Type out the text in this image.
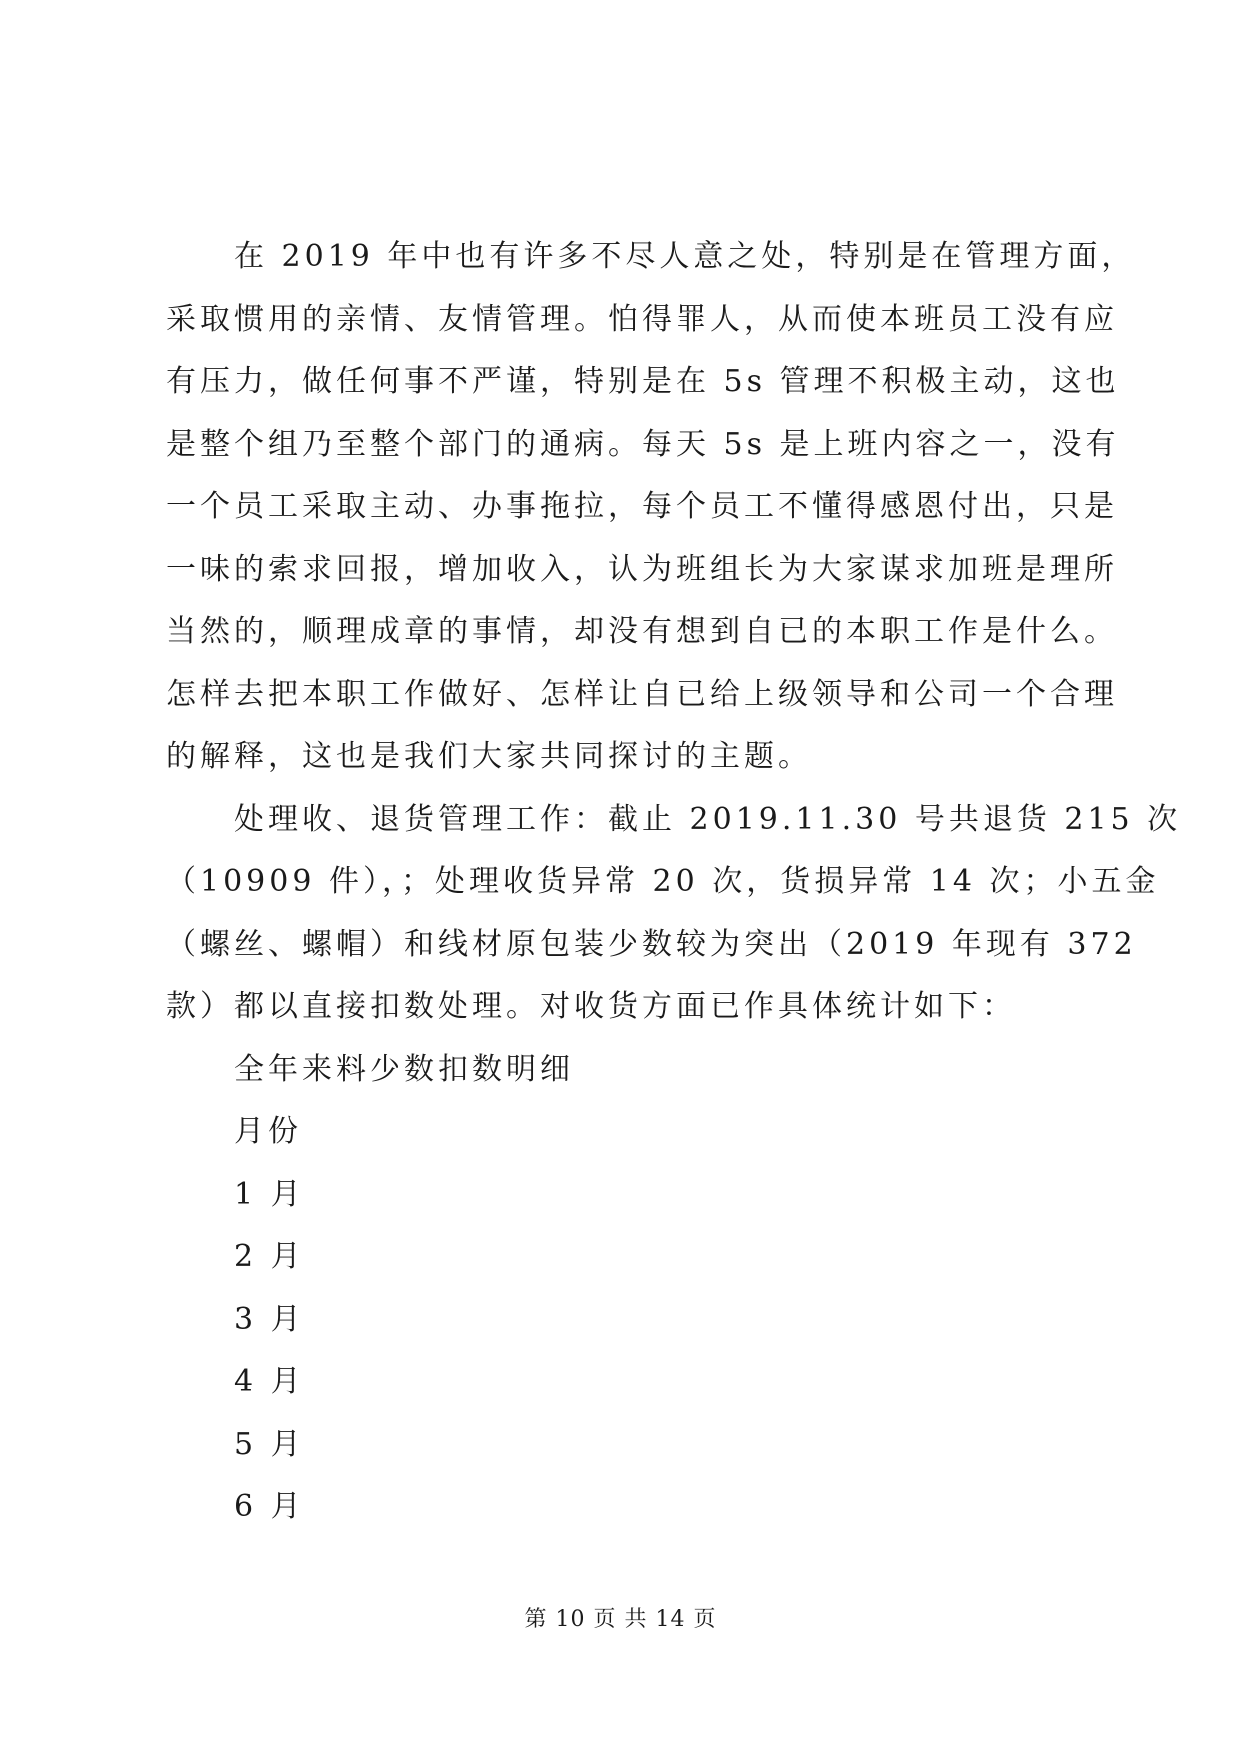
在 2019 年中也有许多不尽人意之处，特别是在管理方面，
采取惯用的亲情、友情管理。怕得罪人，从而使本班员工没有应
有压力，做任何事不严谨，特别是在 5s 管理不积极主动，这也
是整个组乃至整个部门的通病。每天 5s 是上班内容之一，没有
一个员工采取主动、办事拖拉，每个员工不懂得感恩付出，只是
一味的索求回报，增加收入，认为班组长为大家谋求加班是理所
当然的，顺理成章的事情，却没有想到自已的本职工作是什么。
怎样去把本职工作做好、怎样让自已给上级领导和公司一个合理
的解释，这也是我们大家共同探讨的主题。
处理收、退货管理工作：截止 2019.11.30 号共退货 215 次
（10909 件），；处理收货异常 20 次，货损异常 14 次；小五金
（螺丝、螺帽）和线材原包装少数较为突出（2019 年现有 372
款）都以直接扣数处理。对收货方面已作具体统计如下：
全年来料少数扣数明细
月份
1 月
2 月
3 月
4 月
5 月
6 月
第 10 页 共 14 页
